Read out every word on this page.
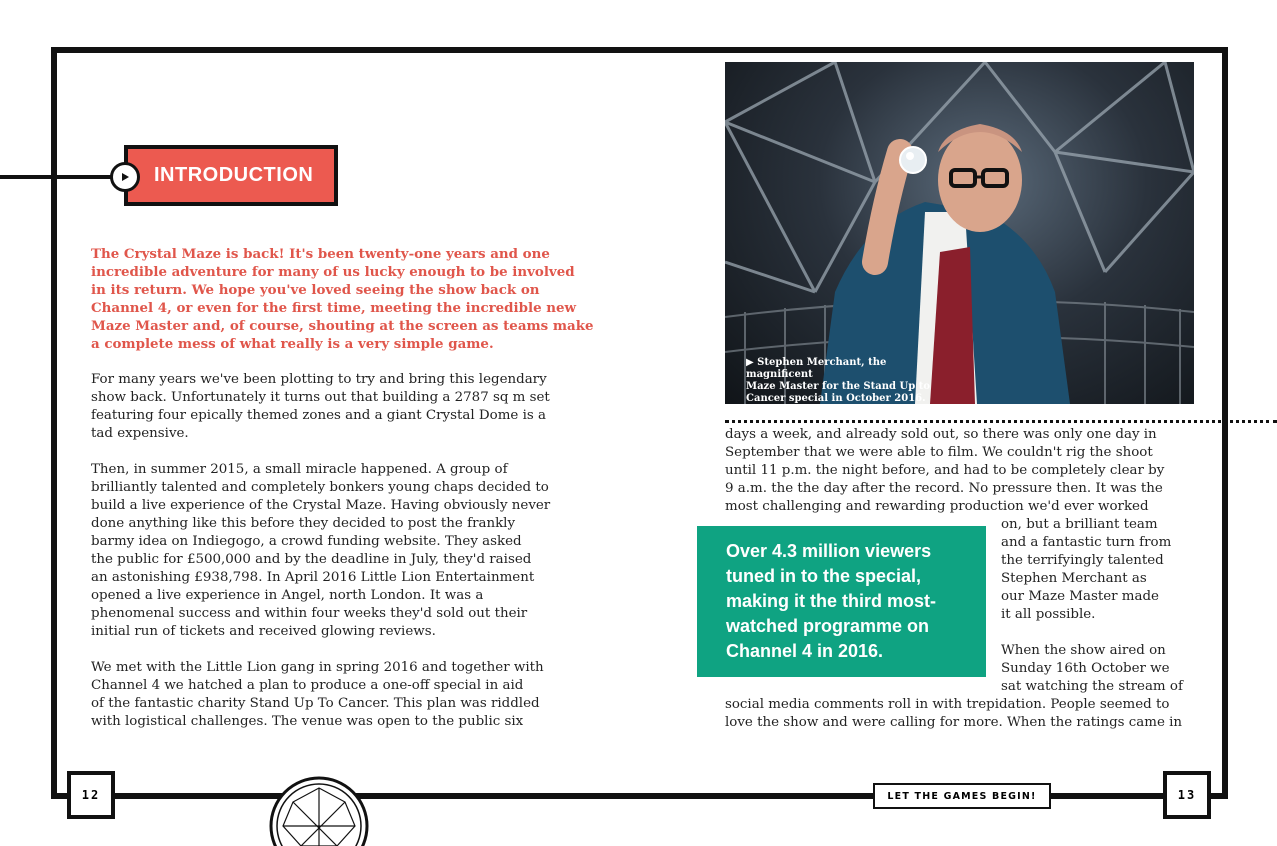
INTRODUCTION

The Crystal Maze is back! It's been twenty-one years and one

incredible adventure for many of us lucky enough to be involved

in its return. We hope you've loved seeing the show back on

Channel 4, or even for the first time, meeting the incredible new

Maze Master and, of course, shouting at the screen as teams make

a complete mess of what really is a very simple game.

For many years we've been plotting to try and bring this legendary

show back. Unfortunately it turns out that building a 2787 sq m set

featuring four epically themed zones and a giant Crystal Dome is a

tad expensive.

Then, in summer 2015, a small miracle happened. A group of

brilliantly talented and completely bonkers young chaps decided to

build a live experience of the Crystal Maze. Having obviously never

done anything like this before they decided to post the frankly

barmy idea on Indiegogo, a crowd funding website. They asked

the public for £500,000 and by the deadline in July, they'd raised

an astonishing £938,798. In April 2016 Little Lion Entertainment

opened a live experience in Angel, north London. It was a

phenomenal success and within four weeks they'd sold out their

initial run of tickets and received glowing reviews.

We met with the Little Lion gang in spring 2016 and together with

Channel 4 we hatched a plan to produce a one-off special in aid

of the fantastic charity Stand Up To Cancer. This plan was riddled

with logistical challenges. The venue was open to the public six

▶ Stephen Merchant, the magnificent
Maze Master for the Stand Up to
Cancer special in October 2016.

days a week, and already sold out, so there was only one day in

September that we were able to film. We couldn't rig the shoot

until 11 p.m. the night before, and had to be completely clear by

9 a.m. the the day after the record. No pressure then. It was the

most challenging and rewarding production we'd ever worked

on, but a brilliant team

and a fantastic turn from

the terrifyingly talented

Stephen Merchant as

our Maze Master made

it all possible.

When the show aired on

Sunday 16th October we

sat watching the stream of

social media comments roll in with trepidation. People seemed to

love the show and were calling for more. When the ratings came in

Over 4.3 million viewers

tuned in to the special,

making it the third most-

watched programme on

Channel 4 in 2016.

12	13
LET THE GAMES BEGIN!
